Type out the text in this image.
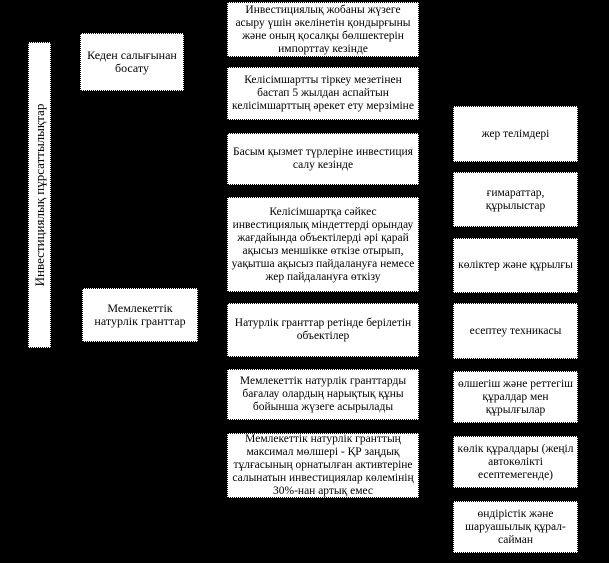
Инвестициялық пұрсаттылықтар
Кеден салығынан босату
Мемлекеттік натурлік гранттар
Инвестициялық жобаны жүзеге асыру үшін әкелінетін қондырғыны және оның қосалқы бөлшектерін импорттау кезінде
Келісімшартты тіркеу мезетінен бастап 5 жылдан аспайтын келісімшарттың әрекет ету мерзіміне
Басым қызмет түрлеріне инвестиция салу кезінде
Келісімшартқа сәйкес инвестициялық міндеттерді орындау жағдайында объектілерді әрі қарай ақысыз меншікке өткізе отырып, уақытша ақысыз пайдалануға немесе жер пайдалануға өткізу
Натурлік гранттар ретінде берілетін объектілер
Мемлекеттік натурлік гранттарды бағалау олардың нарықтық құны бойынша жүзеге асырылады
Мемлекеттік натурлік гранттың максимал мөлшері - ҚР заңдық тұлғасының орнатылған активтеріне салынатын инвестициялар көлемінің 30%-нан артық емес
жер телімдері
ғимараттар, құрылыстар
көліктер және құрылғы
есептеу техникасы
өлшегіш және реттегіш құралдар мен құрылғылар
көлік құралдары (жеңіл автокөлікті есептемегенде)
өндірістік және шаруашылық құрал-сайман
